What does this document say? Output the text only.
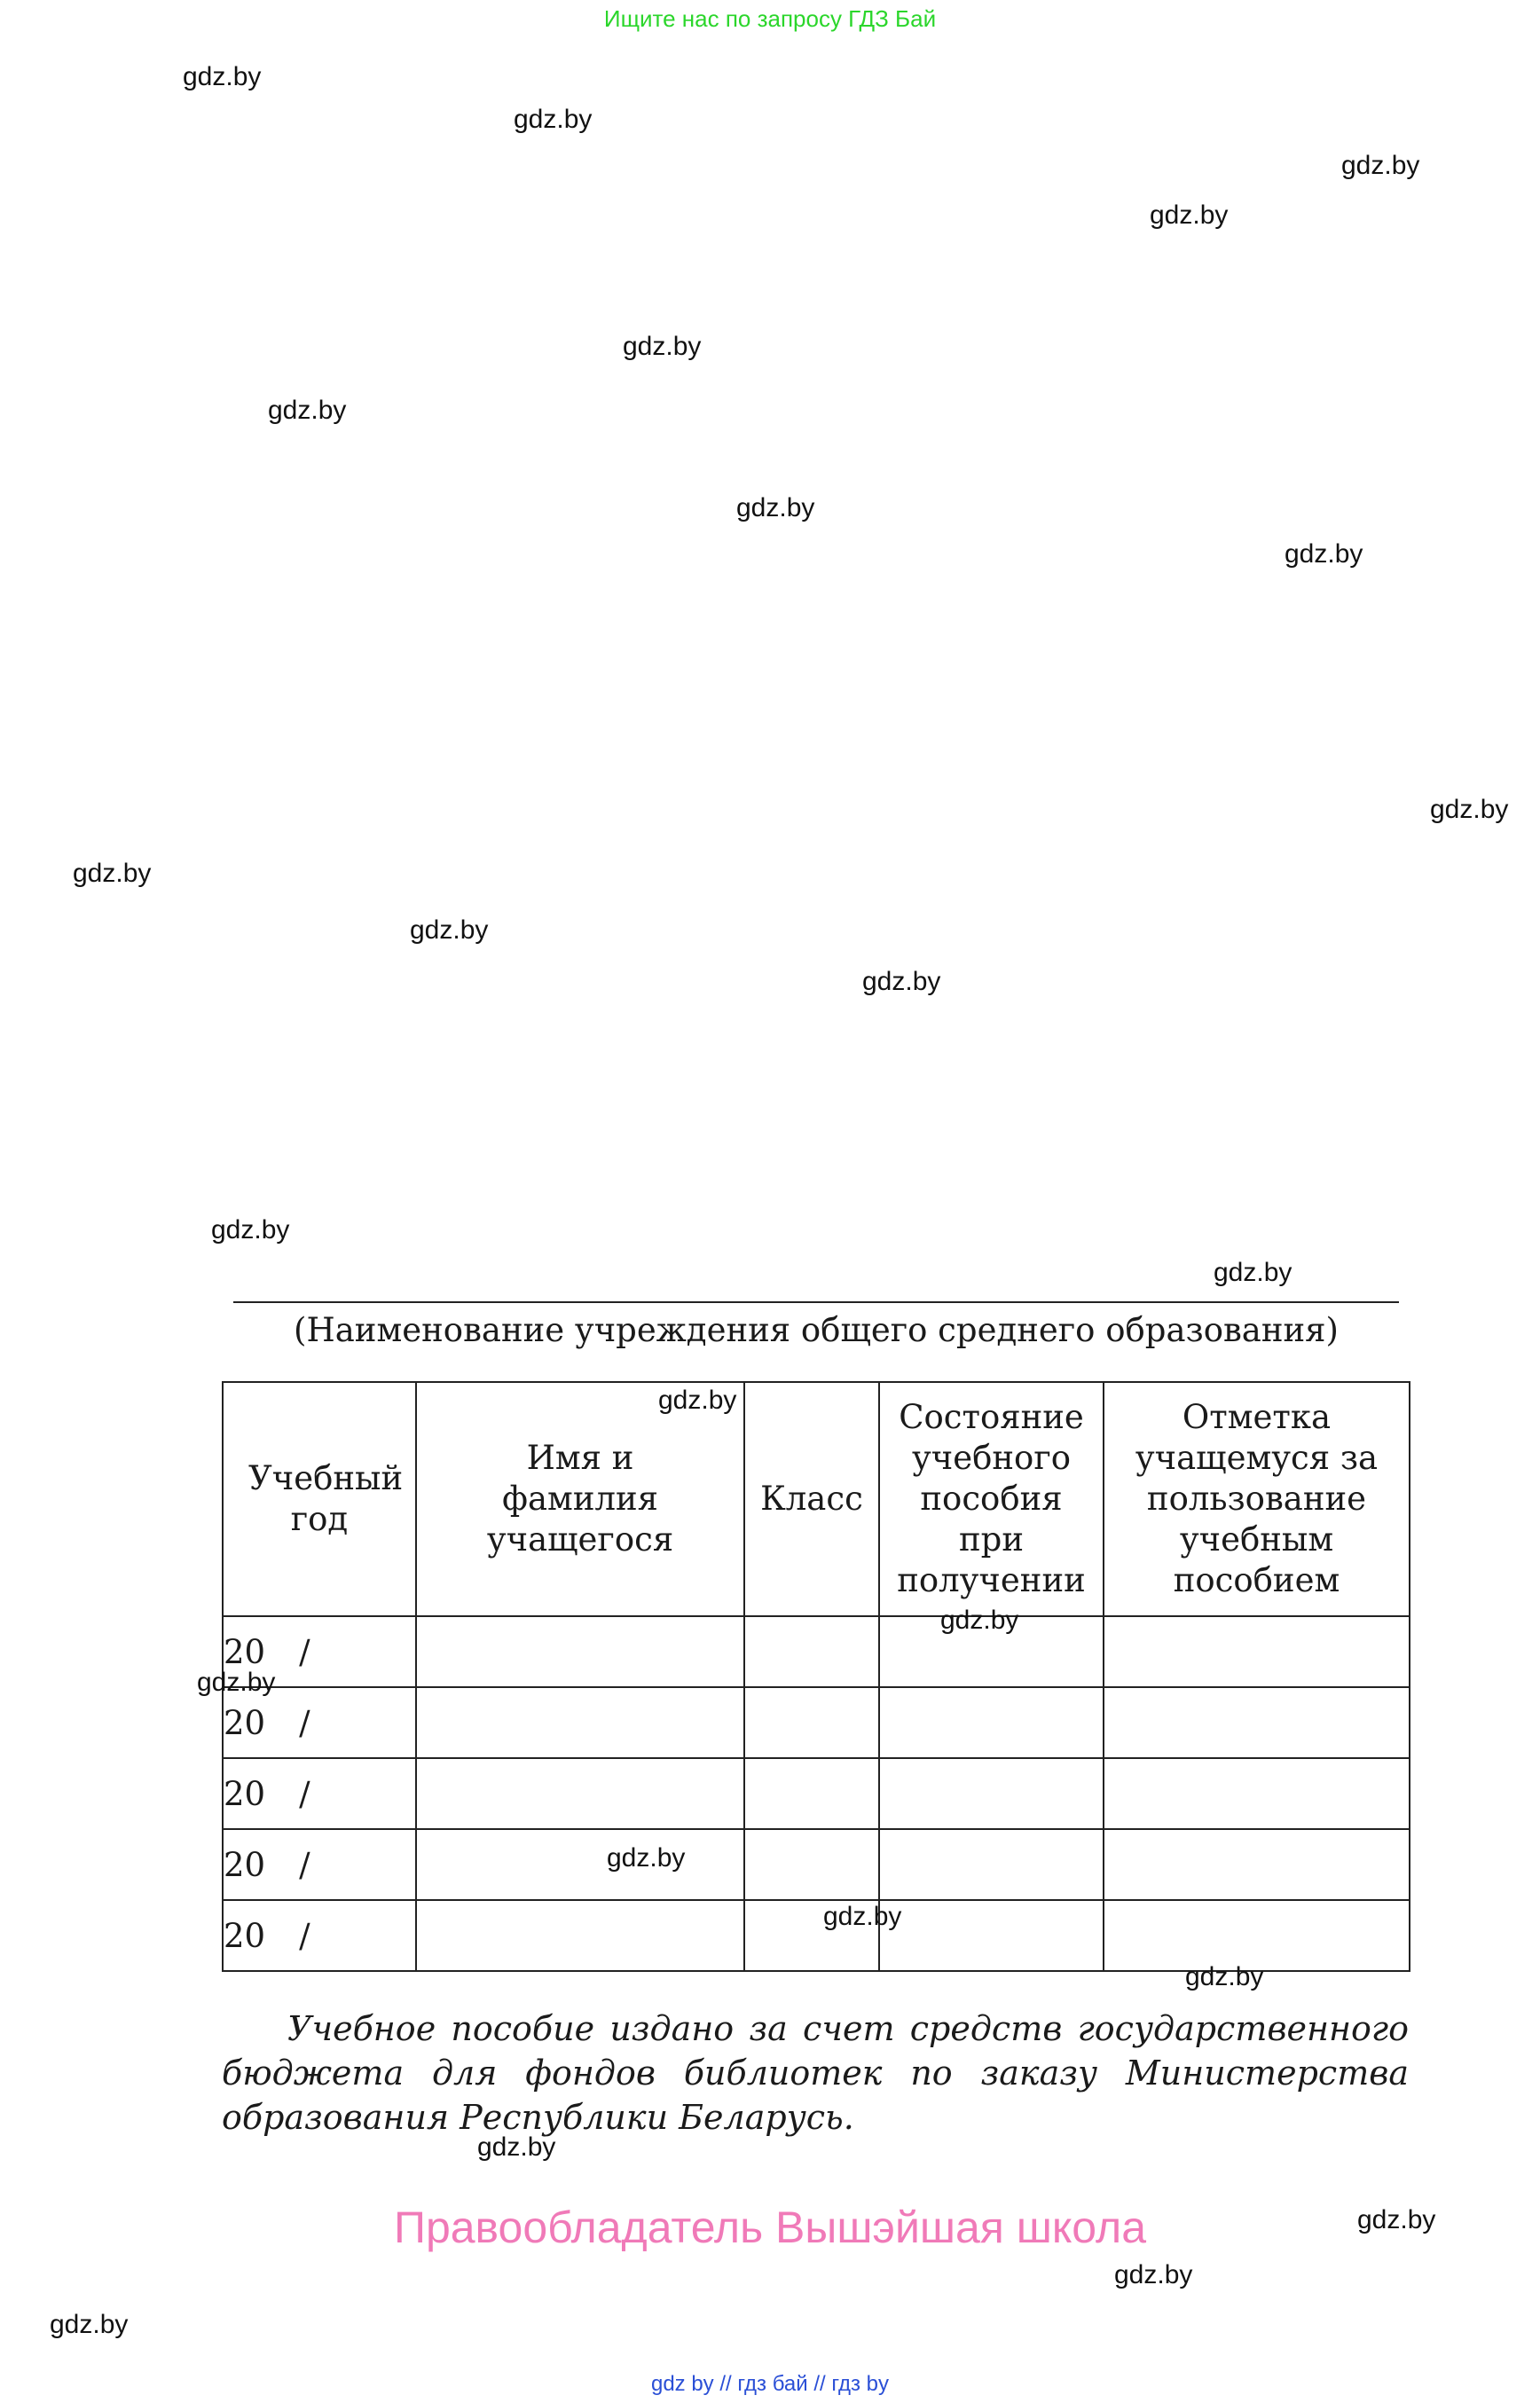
Ищите нас по запросу ГДЗ Бай
gdz.by
gdz.by
gdz.by
gdz.by
gdz.by
gdz.by
gdz.by
gdz.by
gdz.by
gdz.by
gdz.by
gdz.by
gdz.by
gdz.by
gdz.by
gdz.by
gdz.by
gdz.by
gdz.by
gdz.by
gdz.by
gdz.by
gdz.by
gdz.by
(Наименование учреждения общего среднего образования)
Учебный год	Имя и фамилия учащегося	Класс	Состояние учебного пособия при получении	Отметка учащемуся за пользование учебным пособием
20 /				
20 /				
20 /				
20 /				
20 /				
Учебное пособие издано за счет средств государственного бюджета для фондов библиотек по заказу Министерства образования Республики Беларусь.
Правообладатель Вышэйшая школа
gdz by // гдз бай // гдз by
